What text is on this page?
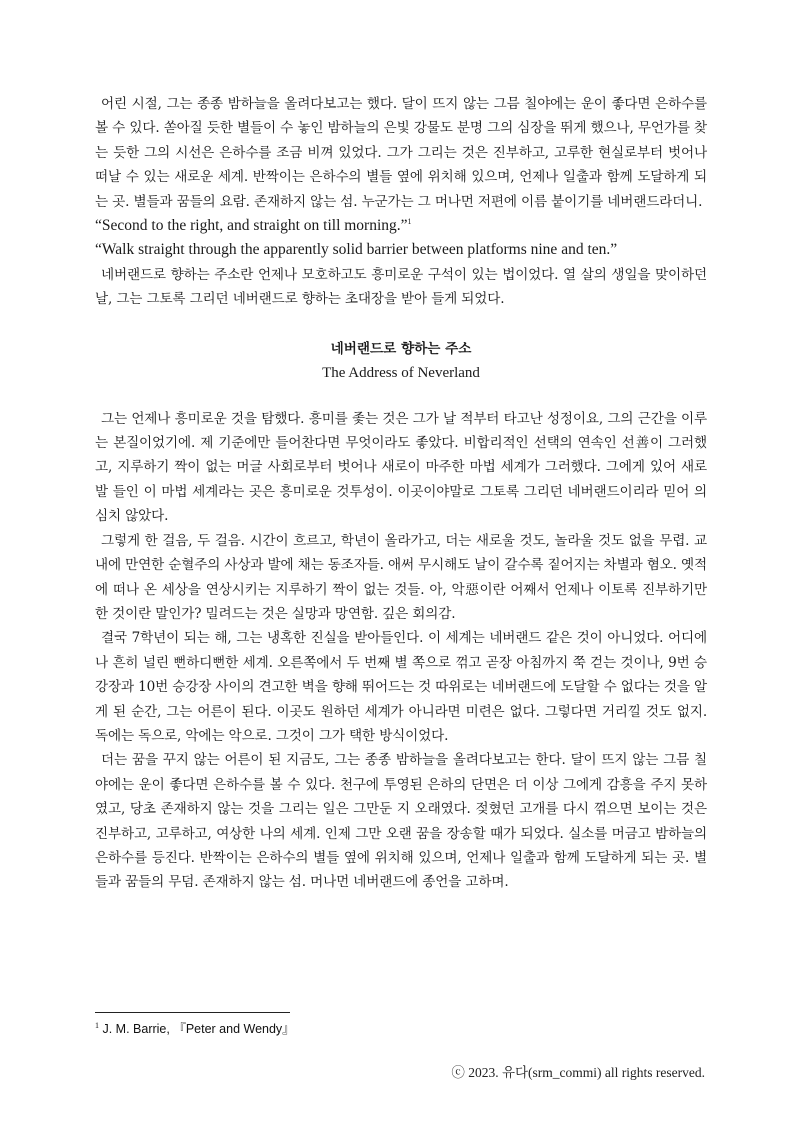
어린 시절, 그는 종종 밤하늘을 올려다보고는 했다. 달이 뜨지 않는 그믐 칠야에는 운이 좋다면 은하수를 볼 수 있다. 쏟아질 듯한 별들이 수 놓인 밤하늘의 은빛 강물도 분명 그의 심장을 뛰게 했으나, 무언가를 찾는 듯한 그의 시선은 은하수를 조금 비껴 있었다. 그가 그리는 것은 진부하고, 고루한 현실로부터 벗어나 떠날 수 있는 새로운 세계. 반짝이는 은하수의 별들 옆에 위치해 있으며, 언제나 일출과 함께 도달하게 되는 곳. 별들과 꿈들의 요람. 존재하지 않는 섬. 누군가는 그 머나먼 저편에 이름 붙이기를 네버랜드라더니.

“Second to the right, and straight on till morning.”$^1$

“Walk straight through the apparently solid barrier between platforms nine and ten.”

네버랜드로 향하는 주소란 언제나 모호하고도 흥미로운 구석이 있는 법이었다. 열 살의 생일을 맞이하던 날, 그는 그토록 그리던 네버랜드로 향하는 초대장을 받아 들게 되었다.

네버랜드로 향하는 주소
The Address of Neverland

그는 언제나 흥미로운 것을 탐했다. 흥미를 좇는 것은 그가 날 적부터 타고난 성정이요, 그의 근간을 이루는 본질이었기에. 제 기준에만 들어찬다면 무엇이라도 좋았다. 비합리적인 선택의 연속인 선善이 그러했고, 지루하기 짝이 없는 머글 사회로부터 벗어나 새로이 마주한 마법 세계가 그러했다. 그에게 있어 새로 발 들인 이 마법 세계라는 곳은 흥미로운 것투성이. 이곳이야말로 그토록 그리던 네버랜드이리라 믿어 의심치 않았다.

그렇게 한 걸음, 두 걸음. 시간이 흐르고, 학년이 올라가고, 더는 새로울 것도, 놀라울 것도 없을 무렵. 교내에 만연한 순혈주의 사상과 발에 채는 동조자들. 애써 무시해도 날이 갈수록 짙어지는 차별과 혐오. 옛적에 떠나 온 세상을 연상시키는 지루하기 짝이 없는 것들. 아, 악惡이란 어째서 언제나 이토록 진부하기만 한 것이란 말인가? 밀려드는 것은 실망과 망연함. 깊은 회의감.

결국 7학년이 되는 해, 그는 냉혹한 진실을 받아들인다. 이 세계는 네버랜드 같은 것이 아니었다. 어디에나 흔히 널린 뻔하디뻔한 세계. 오른쪽에서 두 번째 별 쪽으로 꺾고 곧장 아침까지 쭉 걷는 것이나, 9번 승강장과 10번 승강장 사이의 견고한 벽을 향해 뛰어드는 것 따위로는 네버랜드에 도달할 수 없다는 것을 알게 된 순간, 그는 어른이 된다. 이곳도 원하던 세계가 아니라면 미련은 없다. 그렇다면 거리낄 것도 없지. 독에는 독으로, 악에는 악으로. 그것이 그가 택한 방식이었다.

더는 꿈을 꾸지 않는 어른이 된 지금도, 그는 종종 밤하늘을 올려다보고는 한다. 달이 뜨지 않는 그믐 칠야에는 운이 좋다면 은하수를 볼 수 있다. 천구에 투영된 은하의 단면은 더 이상 그에게 감흥을 주지 못하였고, 당초 존재하지 않는 것을 그리는 일은 그만둔 지 오래였다. 젖혔던 고개를 다시 꺾으면 보이는 것은 진부하고, 고루하고, 여상한 나의 세계. 인제 그만 오랜 꿈을 장송할 때가 되었다. 실소를 머금고 밤하늘의 은하수를 등진다. 반짝이는 은하수의 별들 옆에 위치해 있으며, 언제나 일출과 함께 도달하게 되는 곳. 별들과 꿈들의 무덤. 존재하지 않는 섬. 머나먼 네버랜드에 종언을 고하며.

$^1$ J. M. Barrie, 『Peter and Wendy』
ⓒ 2023. 유다(srm_commi) all rights reserved.
